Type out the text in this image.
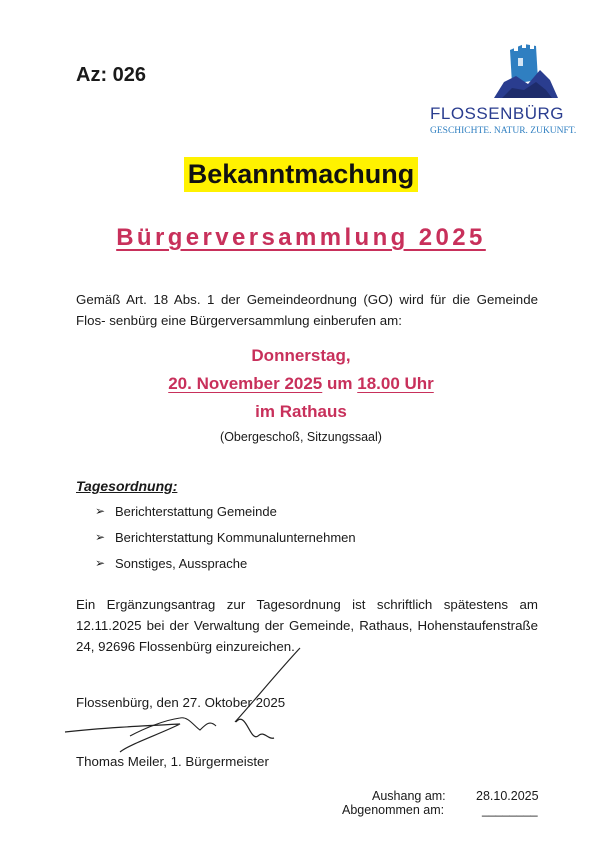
Az: 026
FLOSSENBÜRG
GESCHICHTE. NATUR. ZUKUNFT.
Bekanntmachung
Bürgerversammlung 2025

Gemäß Art. 18 Abs. 1 der Gemeindeordnung (GO) wird für die Gemeinde Flos- senbürg eine Bürgerversammlung einberufen am:

Donnerstag,
20. November 2025 um 18.00 Uhr
im Rathaus
(Obergeschoß, Sitzungssaal)
Tagesordnung:
➢ Berichterstattung Gemeinde
➢ Berichterstattung Kommunalunternehmen
➢ Sonstiges, Aussprache

Ein Ergänzungsantrag zur Tagesordnung ist schriftlich spätestens am 12.11.2025 bei der Verwaltung der Gemeinde, Rathaus, Hohenstaufenstraße 24, 92696 Flossenbürg einzureichen.

Flossenbürg, den 27. Oktober 2025
Thomas Meiler, 1. Bürgermeister
Aushang am: 28.10.2025
Abgenommen am:	________
